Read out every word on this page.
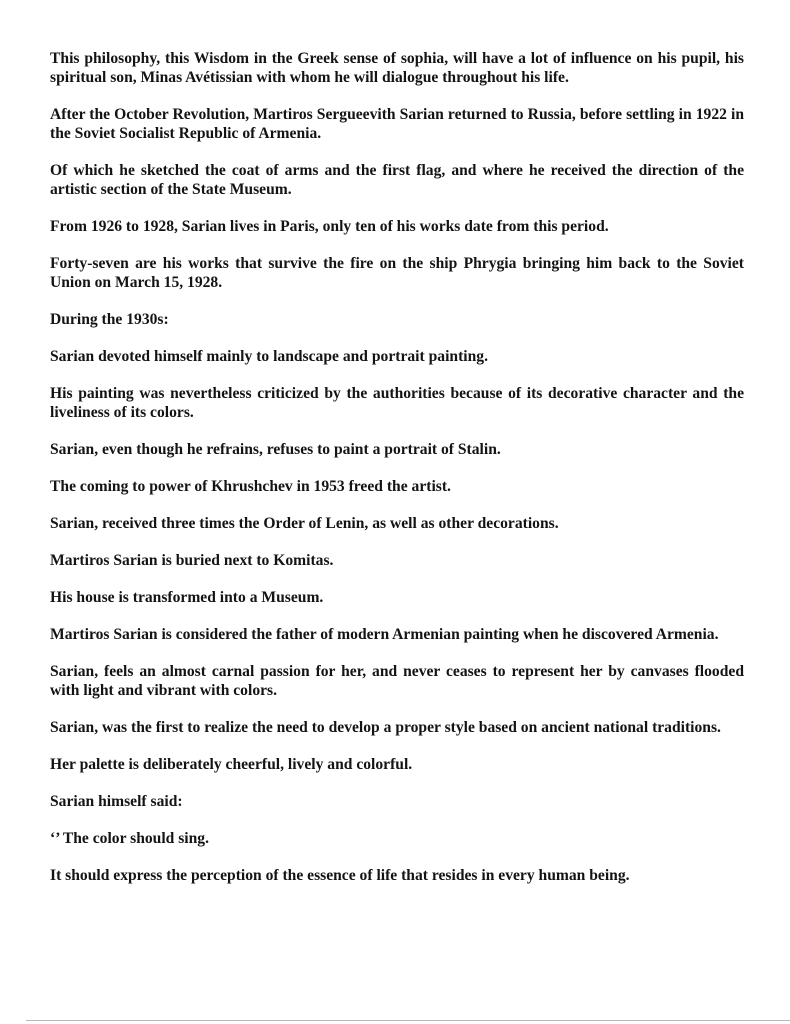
This philosophy, this Wisdom in the Greek sense of sophia, will have a lot of influence on his pupil, his spiritual son, Minas Avétissian with whom he will dialogue throughout his life.

After the October Revolution, Martiros Sergueevith Sarian returned to Russia, before settling in 1922 in the Soviet Socialist Republic of Armenia.

Of which he sketched the coat of arms and the first flag, and where he received the direction of the artistic section of the State Museum.

From 1926 to 1928, Sarian lives in Paris, only ten of his works date from this period.

Forty-seven are his works that survive the fire on the ship Phrygia bringing him back to the Soviet Union on March 15, 1928.

During the 1930s:

Sarian devoted himself mainly to landscape and portrait painting.

His painting was nevertheless criticized by the authorities because of its decorative character and the liveliness of its colors.

Sarian, even though he refrains, refuses to paint a portrait of Stalin.

The coming to power of Khrushchev in 1953 freed the artist.

Sarian, received three times the Order of Lenin, as well as other decorations.

Martiros Sarian is buried next to Komitas.

His house is transformed into a Museum.

Martiros Sarian is considered the father of modern Armenian painting when he discovered Armenia.

Sarian, feels an almost carnal passion for her, and never ceases to represent her by canvases flooded with light and vibrant with colors.

Sarian, was the first to realize the need to develop a proper style based on ancient national traditions.

Her palette is deliberately cheerful, lively and colorful.

Sarian himself said:

‘’ The color should sing.

It should express the perception of the essence of life that resides in every human being.
